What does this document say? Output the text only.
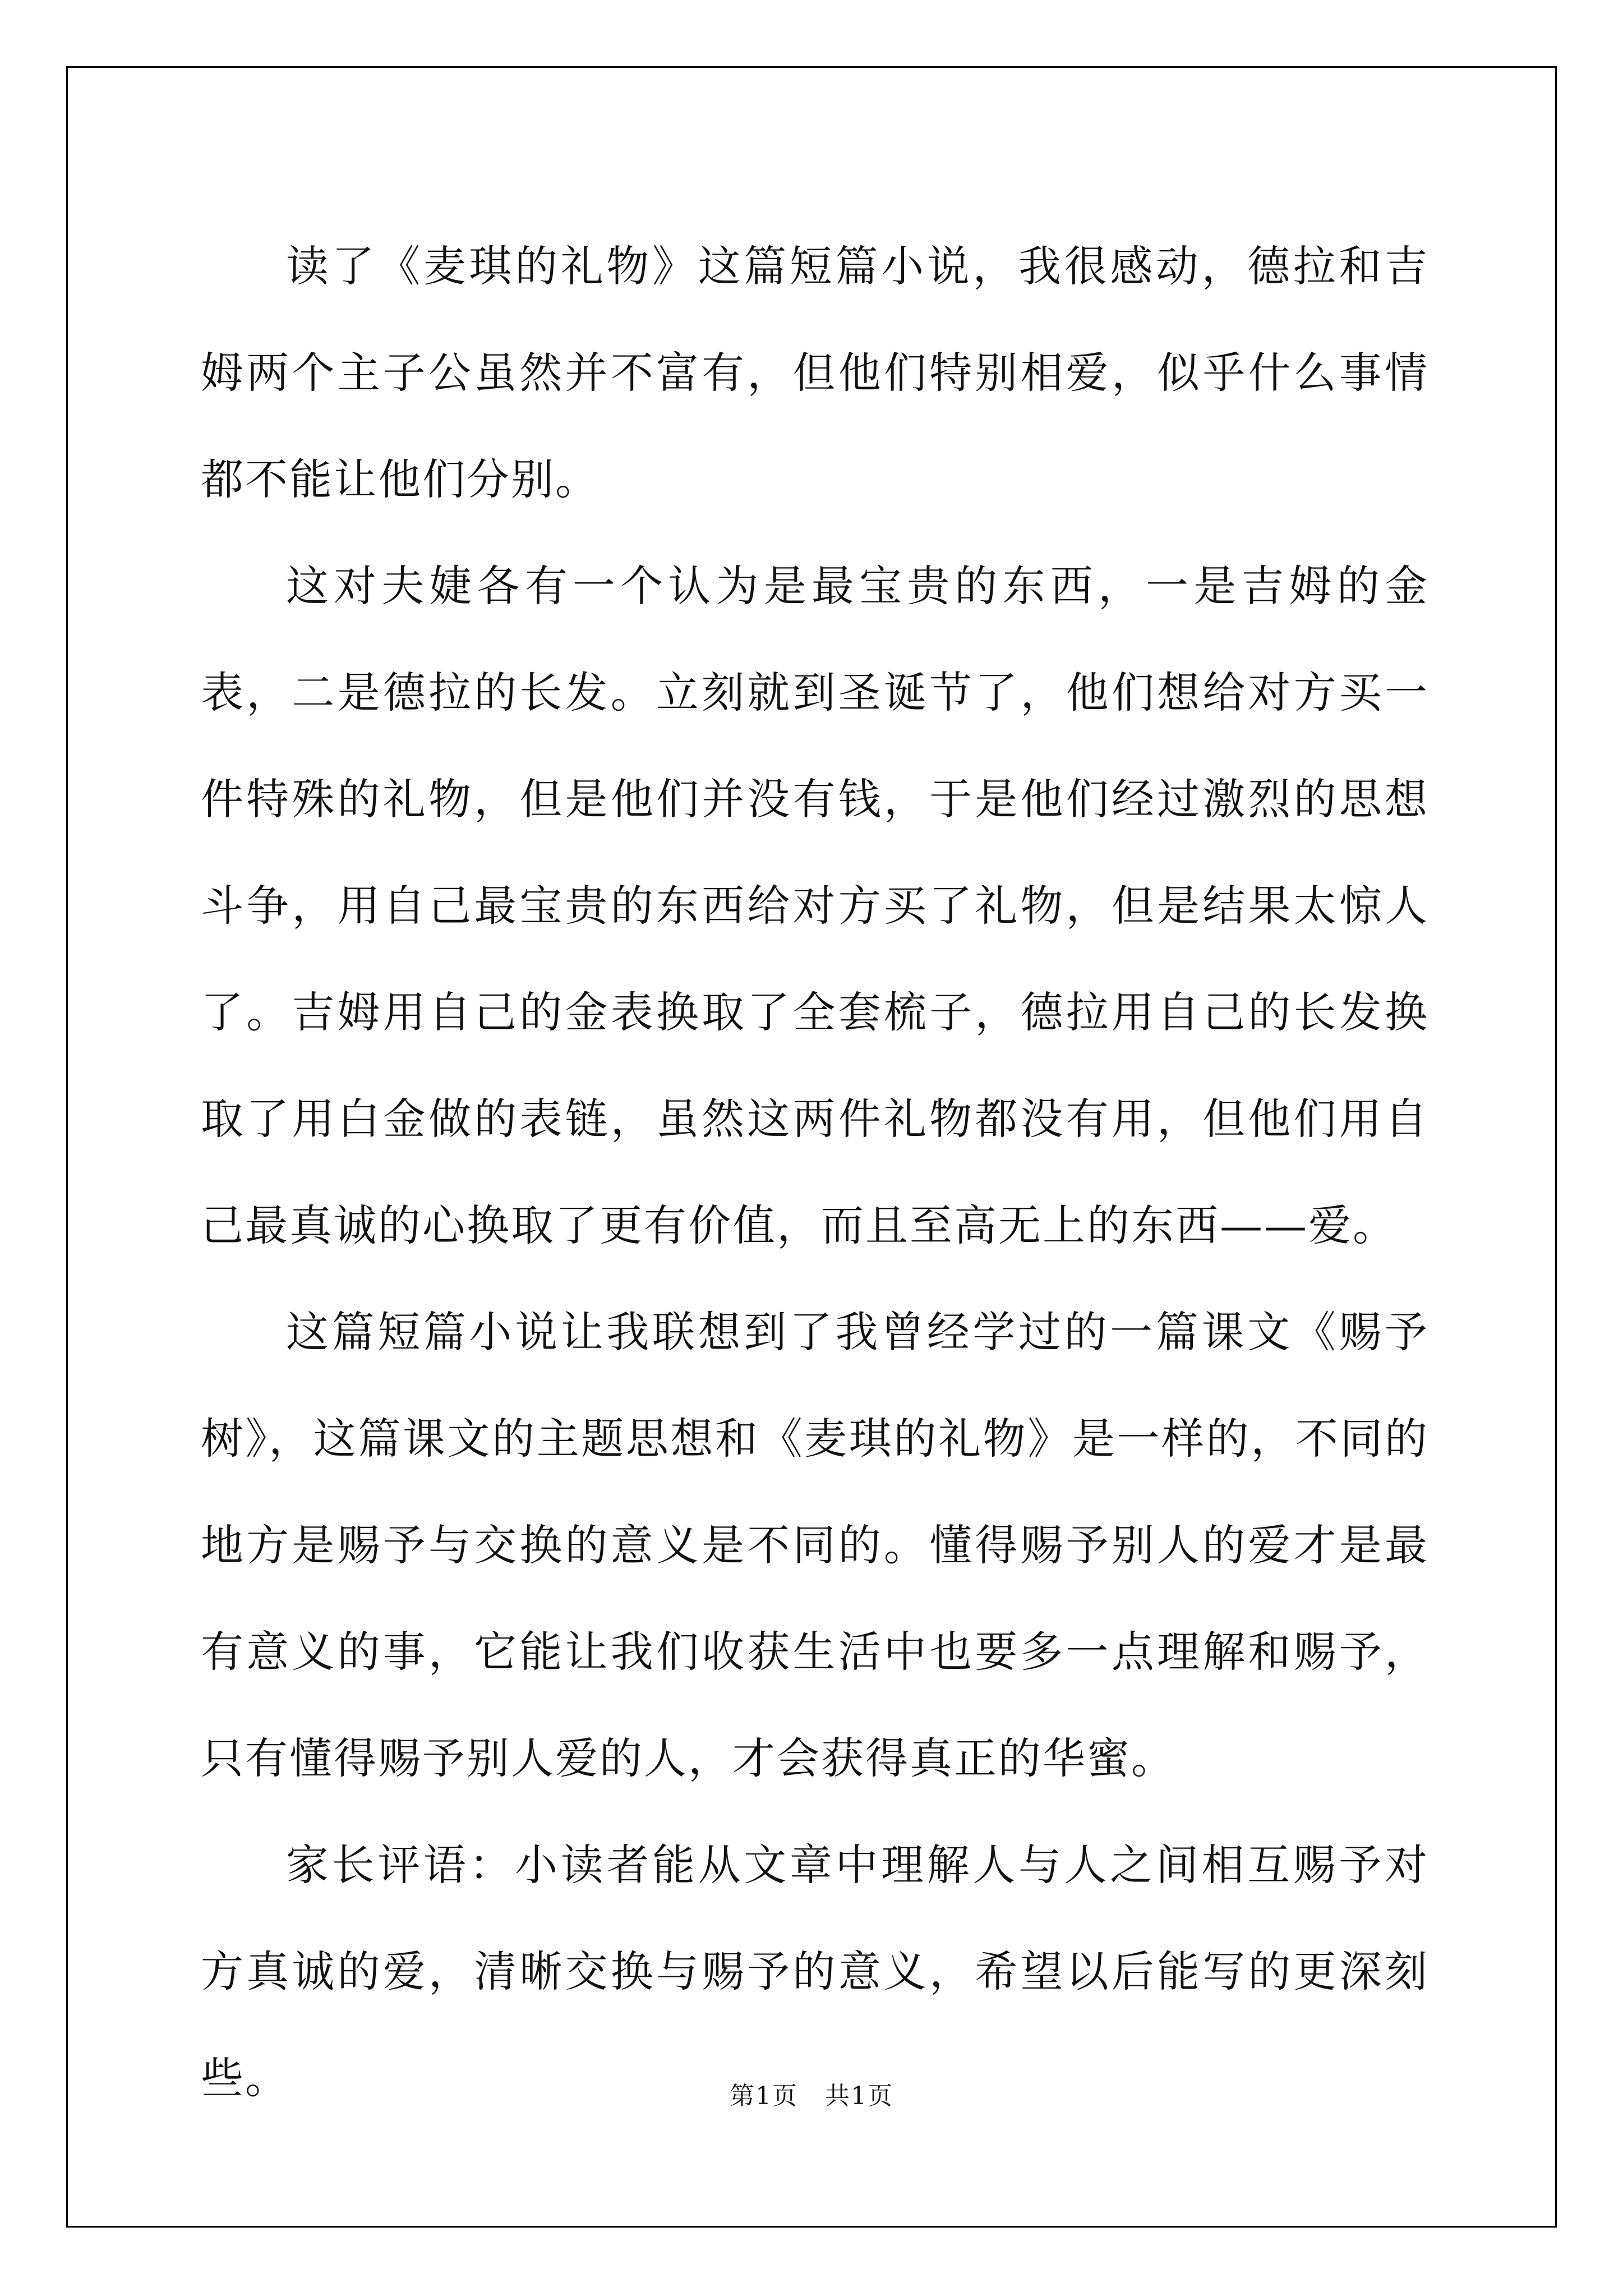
读了《麦琪的礼物》这篇短篇小说，我很感动，德拉和吉姆两个主子公虽然并不富有，但他们特别相爱，似乎什么事情都不能让他们分别。

这对夫婕各有一个认为是最宝贵的东西，一是吉姆的金表，二是德拉的长发。立刻就到圣诞节了，他们想给对方买一件特殊的礼物，但是他们并没有钱，于是他们经过激烈的思想斗争，用自己最宝贵的东西给对方买了礼物，但是结果太惊人了。吉姆用自己的金表换取了全套梳子，德拉用自己的长发换取了用白金做的表链，虽然这两件礼物都没有用，但他们用自己最真诚的心换取了更有价值，而且至高无上的东西——爱。

这篇短篇小说让我联想到了我曾经学过的一篇课文《赐予树》，这篇课文的主题思想和《麦琪的礼物》是一样的，不同的地方是赐予与交换的意义是不同的。懂得赐予别人的爱才是最有意义的事，它能让我们收获生活中也要多一点理解和赐予，只有懂得赐予别人爱的人，才会获得真正的华蜜。

家长评语：小读者能从文章中理解人与人之间相互赐予对方真诚的爱，清晰交换与赐予的意义，希望以后能写的更深刻些。	第1页 共1页
